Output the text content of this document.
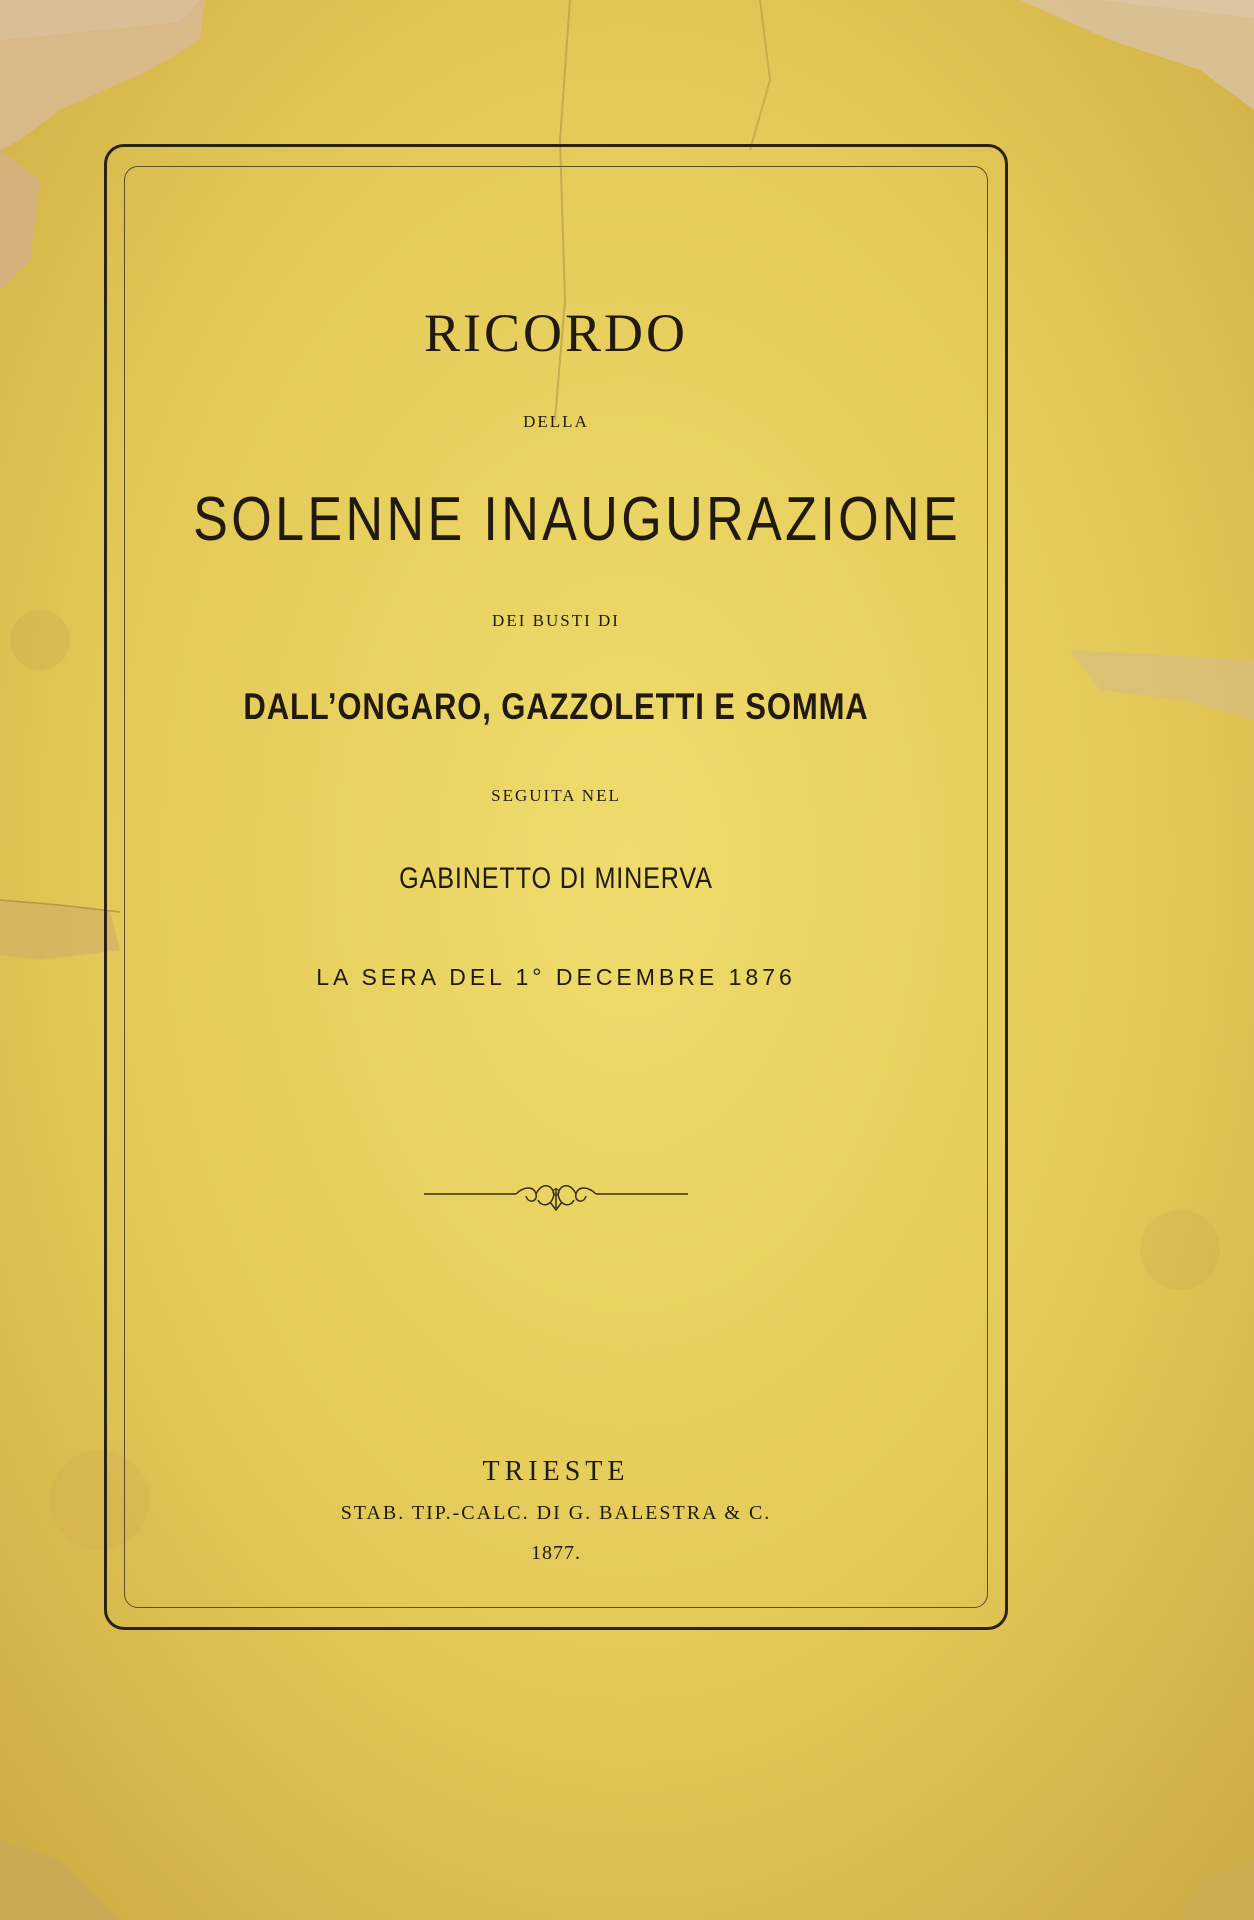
RICORDO

DELLA

SOLENNE INAUGURAZIONE

DEI BUSTI DI

DALL’ONGARO, GAZZOLETTI E SOMMA

SEGUITA NEL

GABINETTO DI MINERVA

LA SERA DEL 1° DECEMBRE 1876

TRIESTE

STAB. TIP.-CALC. DI G. BALESTRA & C.

1877.
